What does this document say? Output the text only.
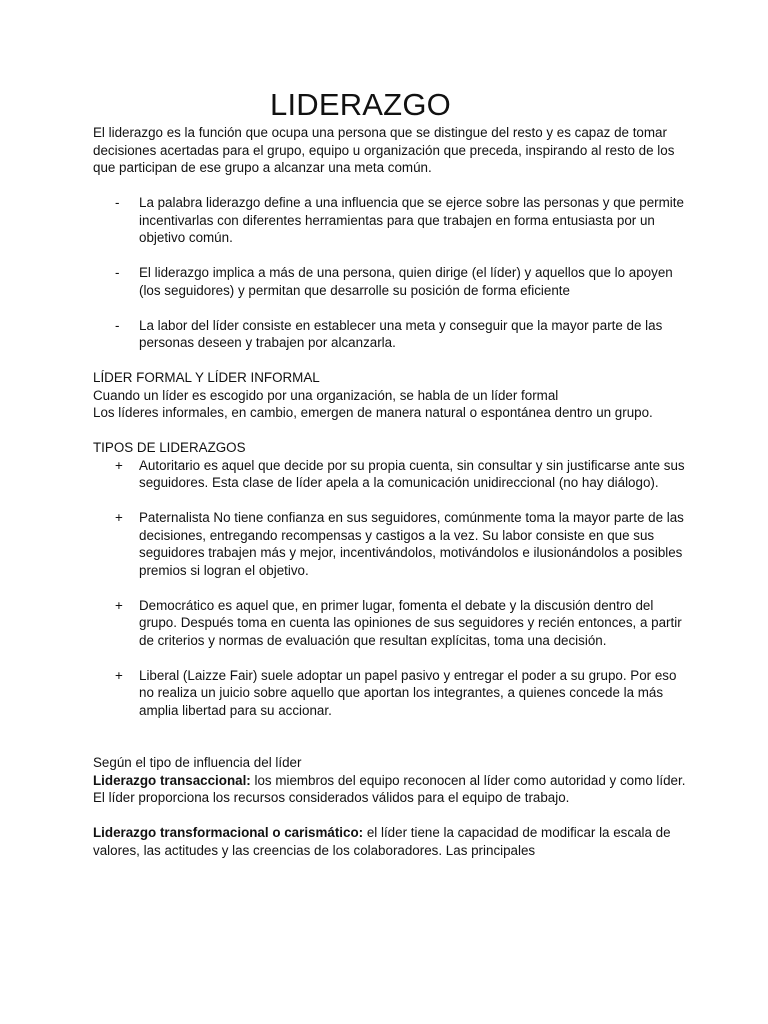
LIDERAZGO

El liderazgo es la función que ocupa una persona que se distingue del resto y es capaz de tomar decisiones acertadas para el grupo, equipo u organización que preceda, inspirando al resto de los que participan de ese grupo a alcanzar una meta común.

- La palabra liderazgo define a una influencia que se ejerce sobre las personas y que permite incentivarlas con diferentes herramientas para que trabajen en forma entusiasta por un objetivo común.

- El liderazgo implica a más de una persona, quien dirige (el líder) y aquellos que lo apoyen (los seguidores) y permitan que desarrolle su posición de forma eficiente

- La labor del líder consiste en establecer una meta y conseguir que la mayor parte de las personas deseen y trabajen por alcanzarla.

LÍDER FORMAL Y LÍDER INFORMAL

Cuando un líder es escogido por una organización, se habla de un líder formal

Los líderes informales, en cambio, emergen de manera natural o espontánea dentro un grupo.

TIPOS DE LIDERAZGOS

+ Autoritario es aquel que decide por su propia cuenta, sin consultar y sin justificarse ante sus seguidores. Esta clase de líder apela a la comunicación unidireccional (no hay diálogo).

+ Paternalista No tiene confianza en sus seguidores, comúnmente toma la mayor parte de las decisiones, entregando recompensas y castigos a la vez. Su labor consiste en que sus seguidores trabajen más y mejor, incentivándolos, motivándolos e ilusionándolos a posibles premios si logran el objetivo.

+ Democrático es aquel que, en primer lugar, fomenta el debate y la discusión dentro del grupo. Después toma en cuenta las opiniones de sus seguidores y recién entonces, a partir de criterios y normas de evaluación que resultan explícitas, toma una decisión.

+ Liberal (Laizze Fair) suele adoptar un papel pasivo y entregar el poder a su grupo. Por eso no realiza un juicio sobre aquello que aportan los integrantes, a quienes concede la más amplia libertad para su accionar.

Según el tipo de influencia del líder

Liderazgo transaccional: los miembros del equipo reconocen al líder como autoridad y como líder. El líder proporciona los recursos considerados válidos para el equipo de trabajo.

Liderazgo transformacional o carismático: el líder tiene la capacidad de modificar la escala de valores, las actitudes y las creencias de los colaboradores. Las principales
